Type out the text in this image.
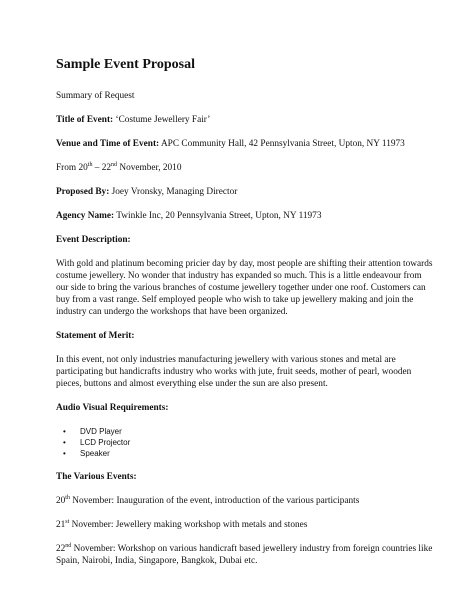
Sample Event Proposal

Summary of Request

Title of Event: ‘Costume Jewellery Fair’

Venue and Time of Event: APC Community Hall, 42 Pennsylvania Street, Upton, NY 11973

From 20th – 22nd November, 2010

Proposed By: Joey Vronsky, Managing Director

Agency Name: Twinkle Inc, 20 Pennsylvania Street, Upton, NY 11973

Event Description:

With gold and platinum becoming pricier day by day, most people are shifting their attention towards costume jewellery. No wonder that industry has expanded so much. This is a little endeavour from our side to bring the various branches of costume jewellery together under one roof. Customers can buy from a vast range. Self employed people who wish to take up jewellery making and join the industry can undergo the workshops that have been organized.

Statement of Merit:

In this event, not only industries manufacturing jewellery with various stones and metal are participating but handicrafts industry who works with jute, fruit seeds, mother of pearl, wooden pieces, buttons and almost everything else under the sun are also present.

Audio Visual Requirements:

• DVD Player
• LCD Projector
• Speaker

The Various Events:

20th November: Inauguration of the event, introduction of the various participants

21st November: Jewellery making workshop with metals and stones

22nd November: Workshop on various handicraft based jewellery industry from foreign countries like Spain, Nairobi, India, Singapore, Bangkok, Dubai etc.
